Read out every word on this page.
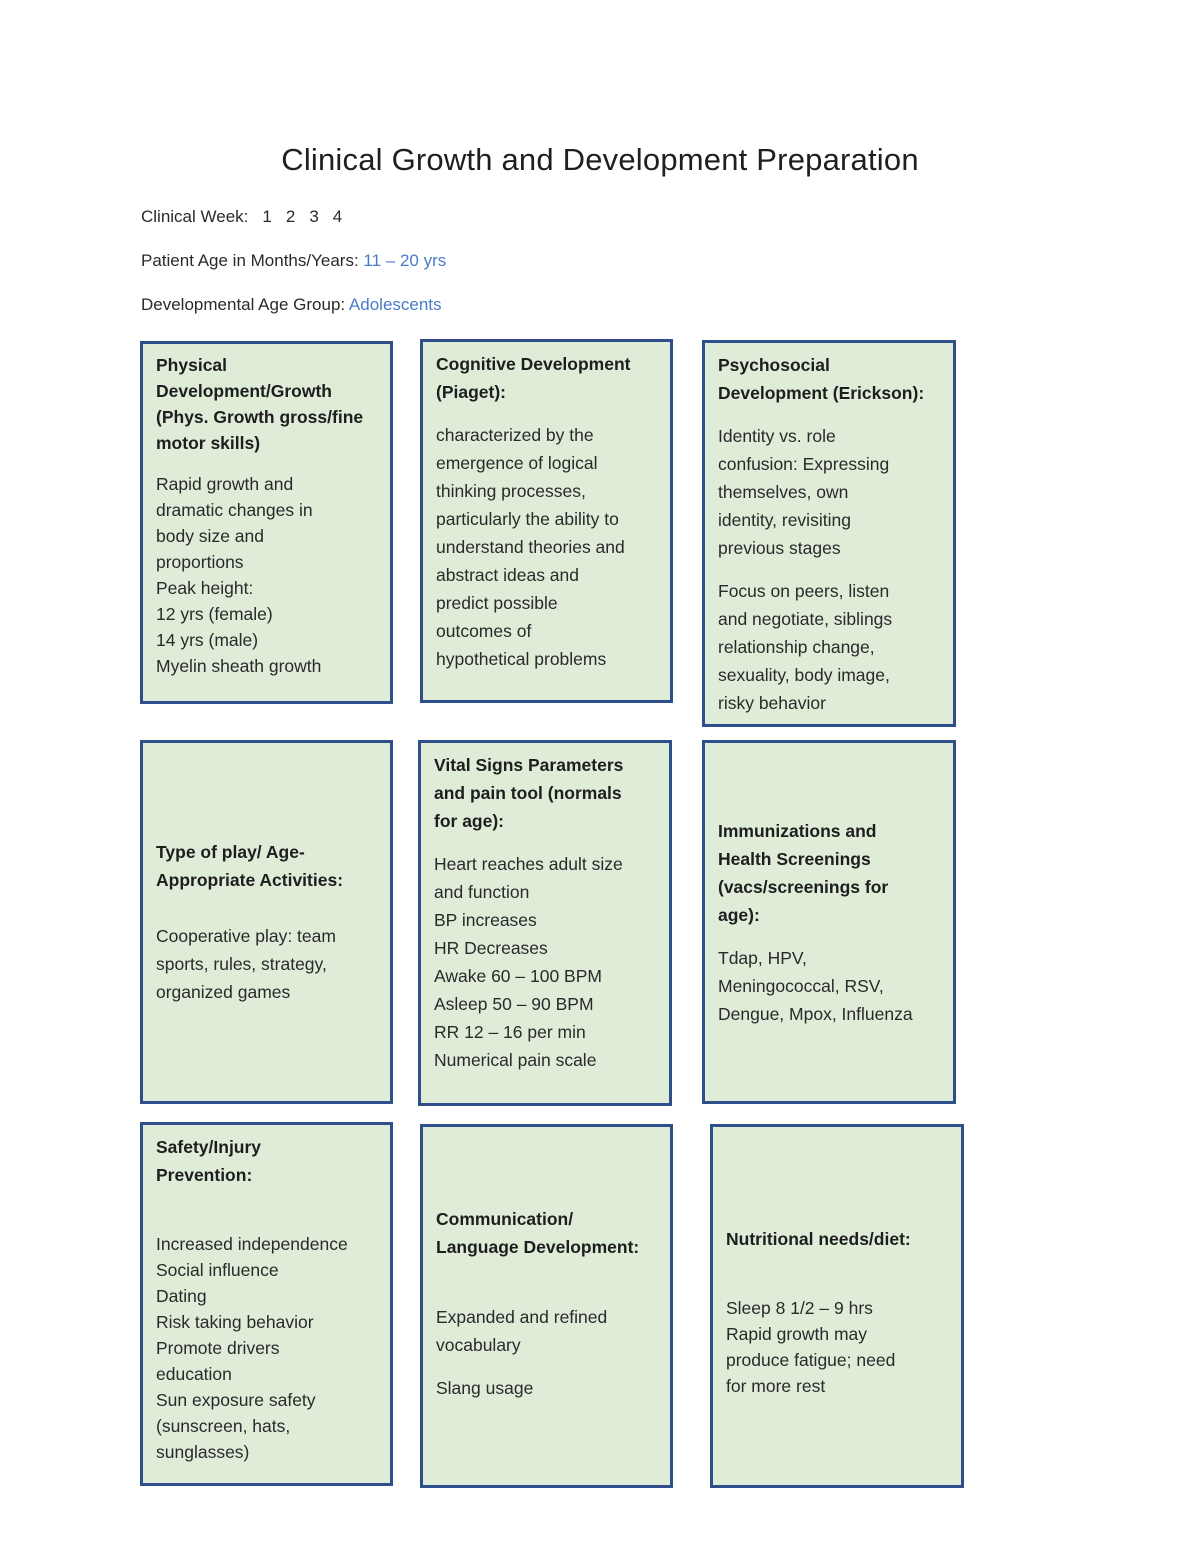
Clinical Growth and Development Preparation
Clinical Week: 1 2 3 4
Patient Age in Months/Years: 11 – 20 yrs
Developmental Age Group: Adolescents
Physical
Development/Growth
(Phys. Growth gross/fine
motor skills)
Rapid growth and
dramatic changes in
body size and
proportions
Peak height:
12 yrs (female)
14 yrs (male)
Myelin sheath growth
Cognitive Development
(Piaget):
characterized by the
emergence of logical
thinking processes,
particularly the ability to
understand theories and
abstract ideas and
predict possible
outcomes of
hypothetical problems
Psychosocial
Development (Erickson):
Identity vs. role
confusion: Expressing
themselves, own
identity, revisiting
previous stages
Focus on peers, listen
and negotiate, siblings
relationship change,
sexuality, body image,
risky behavior
Type of play/ Age-
Appropriate Activities:
Cooperative play: team
sports, rules, strategy,
organized games
Vital Signs Parameters
and pain tool (normals
for age):
Heart reaches adult size
and function
BP increases
HR Decreases
Awake 60 – 100 BPM
Asleep 50 – 90 BPM
RR 12 – 16 per min
Numerical pain scale
Immunizations and
Health Screenings
(vacs/screenings for
age):
Tdap, HPV,
Meningococcal, RSV,
Dengue, Mpox, Influenza
Safety/Injury
Prevention:
Increased independence
Social influence
Dating
Risk taking behavior
Promote drivers
education
Sun exposure safety
(sunscreen, hats,
sunglasses)
Communication/
Language Development:
Expanded and refined
vocabulary
Slang usage
Nutritional needs/diet:
Sleep 8 1/2 – 9 hrs
Rapid growth may
produce fatigue; need
for more rest
